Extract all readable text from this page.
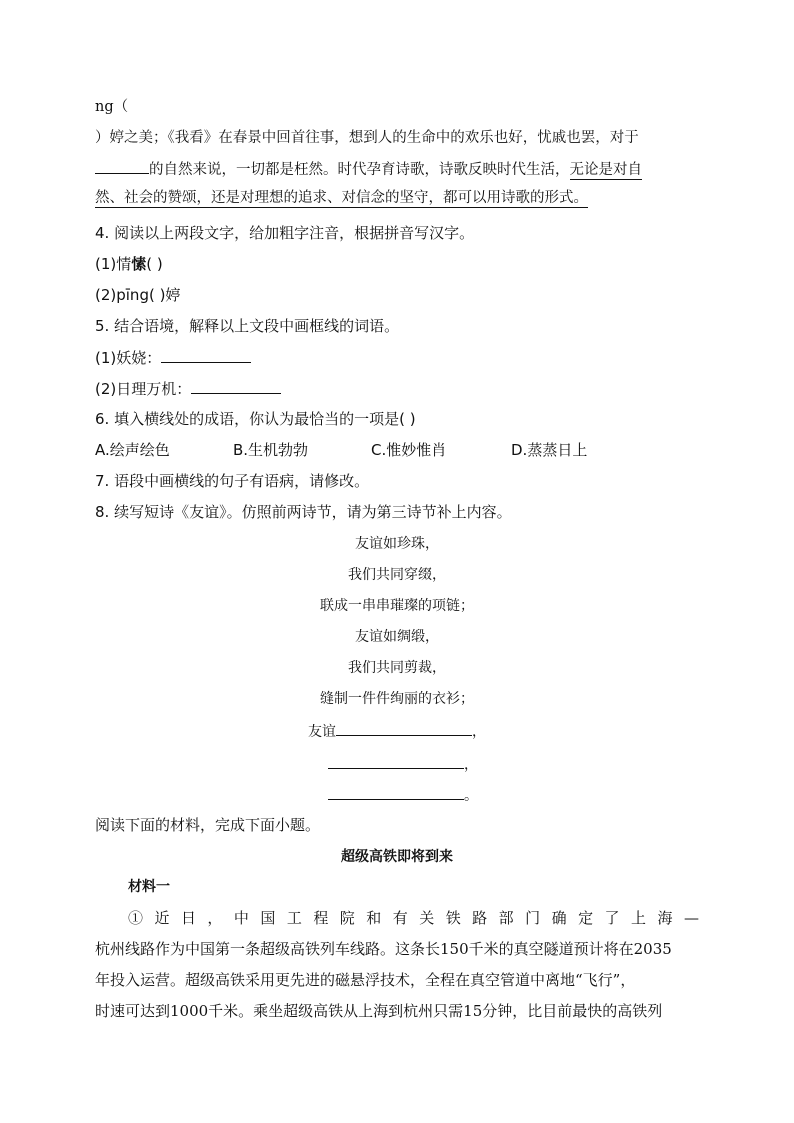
ng（
）婷之美；《我看》在春景中回首往事，想到人的生命中的欢乐也好，忧戚也罢，对于
的自然来说，一切都是枉然。时代孕育诗歌，诗歌反映时代生活，无论是对自
然、社会的赞颂，还是对理想的追求、对信念的坚守，都可以用诗歌的形式。
4. 阅读以上两段文字，给加粗字注音，根据拼音写汉字。
(1)情愫( )
(2)pīng( )婷
5. 结合语境，解释以上文段中画框线的词语。
(1)妖娆：
(2)日理万机：
6. 填入横线处的成语，你认为最恰当的一项是( )
A.绘声绘色	B.生机勃勃	C.惟妙惟肖	D.蒸蒸日上
7. 语段中画横线的句子有语病，请修改。
8. 续写短诗《友谊》。仿照前两诗节，请为第三诗节补上内容。
友谊如珍珠，
我们共同穿缀，
联成一串串璀璨的项链；
友谊如绸缎，
我们共同剪裁，
缝制一件件绚丽的衣衫；
友谊	，
，
。
阅读下面的材料，完成下面小题。
超级高铁即将到来
材料一
①近日，中国工程院和有关铁路部门确定了上海—
杭州线路作为中国第一条超级高铁列车线路。这条长150千米的真空隧道预计将在2035
年投入运营。超级高铁采用更先进的磁悬浮技术，全程在真空管道中离地“飞行”，
时速可达到1000千米。乘坐超级高铁从上海到杭州只需15分钟，比目前最快的高铁列
